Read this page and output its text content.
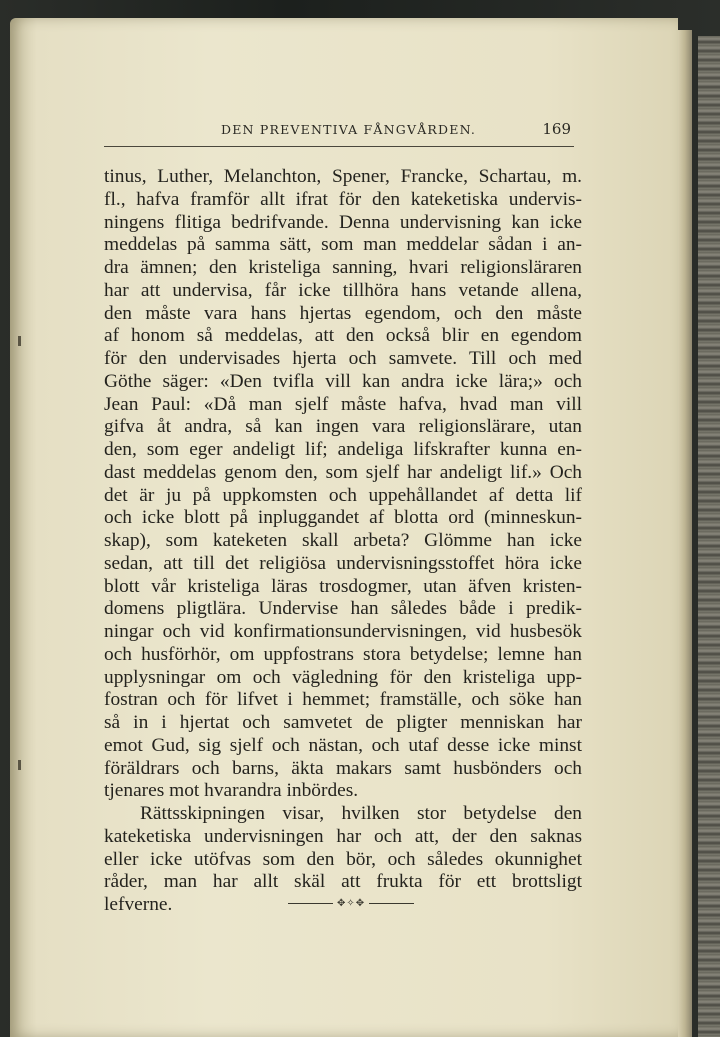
DEN PREVENTIVA FÅNGVÅRDEN.	169
tinus, Luther, Melanchton, Spener, Francke, Schartau, m.
fl., hafva framför allt ifrat för den kateketiska undervis-
ningens flitiga bedrifvande. Denna undervisning kan icke
meddelas på samma sätt, som man meddelar sådan i an-
dra ämnen; den kristeliga sanning, hvari religionsläraren
har att undervisa, får icke tillhöra hans vetande allena,
den måste vara hans hjertas egendom, och den måste
af honom så meddelas, att den också blir en egendom
för den undervisades hjerta och samvete. Till och med
Göthe säger: «Den tvifla vill kan andra icke lära;» och
Jean Paul: «Då man sjelf måste hafva, hvad man vill
gifva åt andra, så kan ingen vara religionslärare, utan
den, som eger andeligt lif; andeliga lifskrafter kunna en-
dast meddelas genom den, som sjelf har andeligt lif.» Och
det är ju på uppkomsten och uppehållandet af detta lif
och icke blott på inpluggandet af blotta ord (minneskun-
skap), som kateketen skall arbeta? Glömme han icke
sedan, att till det religiösa undervisningsstoffet höra icke
blott vår kristeliga läras trosdogmer, utan äfven kristen-
domens pligtlära. Undervise han således både i predik-
ningar och vid konfirmationsundervisningen, vid husbesök
och husförhör, om uppfostrans stora betydelse; lemne han
upplysningar om och vägledning för den kristeliga upp-
fostran och för lifvet i hemmet; framställe, och söke han
så in i hjertat och samvetet de pligter menniskan har
emot Gud, sig sjelf och nästan, och utaf desse icke minst
föräldrars och barns, äkta makars samt husbönders och
tjenares mot hvarandra inbördes.
Rättsskipningen visar, hvilken stor betydelse den
kateketiska undervisningen har och att, der den saknas
eller icke utöfvas som den bör, och således okunnighet
råder, man har allt skäl att frukta för ett brottsligt
lefverne.	✥✧✥
